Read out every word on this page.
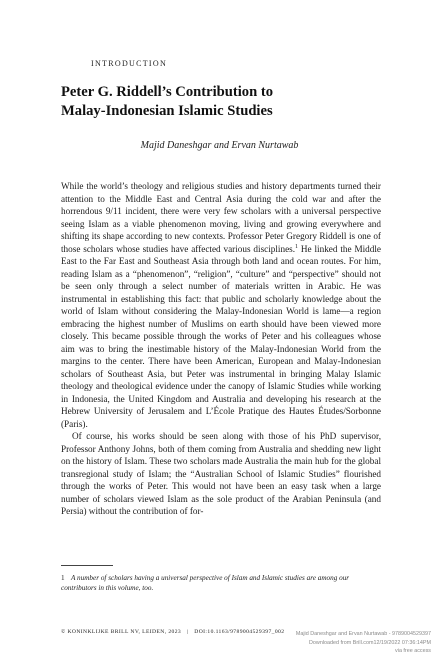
INTRODUCTION
Peter G. Riddell’s Contribution to
Malay-Indonesian Islamic Studies
Majid Daneshgar and Ervan Nurtawab

While the world’s theology and religious studies and history departments turned their attention to the Middle East and Central Asia during the cold war and after the horrendous 9/11 incident, there were very few scholars with a universal perspective seeing Islam as a viable phenomenon moving, living and growing everywhere and shifting its shape according to new contexts. Professor Peter Gregory Riddell is one of those scholars whose studies have affected various disciplines.$^1$ He linked the Middle East to the Far East and Southeast Asia through both land and ocean routes. For him, reading Islam as a “phenomenon”, “religion”, “culture” and “perspective” should not be seen only through a select number of materials written in Arabic. He was instrumental in establishing this fact: that public and scholarly knowledge about the world of Islam without considering the Malay-Indonesian World is lame—a region embracing the highest number of Muslims on earth should have been viewed more closely. This became possible through the works of Peter and his colleagues whose aim was to bring the inestimable history of the Malay-Indonesian World from the margins to the center. There have been American, European and Malay-Indonesian scholars of Southeast Asia, but Peter was instrumental in bringing Malay Islamic theology and theological evidence under the canopy of Islamic Studies while working in Indonesia, the United Kingdom and Australia and developing his research at the Hebrew University of Jerusalem and L’École Pratique des Hautes Études/Sorbonne (Paris).

Of course, his works should be seen along with those of his PhD supervisor, Professor Anthony Johns, both of them coming from Australia and shedding new light on the history of Islam. These two scholars made Australia the main hub for the global transregional study of Islam; the “Australian School of Islamic Studies” flourished through the works of Peter. This would not have been an easy task when a large number of scholars viewed Islam as the sole product of the Arabian Peninsula (and Persia) without the contribution of for-

1 A number of scholars having a universal perspective of Islam and Islamic studies are among our contributors in this volume, too.
© KONINKLIJKE BRILL NV, LEIDEN, 2023 | DOI:10.1163/9789004529397_002	Majid Daneshgar and Ervan Nurtawab - 9789004529397
Downloaded from Brill.com12/19/2022 07:36:14PM
via free access
